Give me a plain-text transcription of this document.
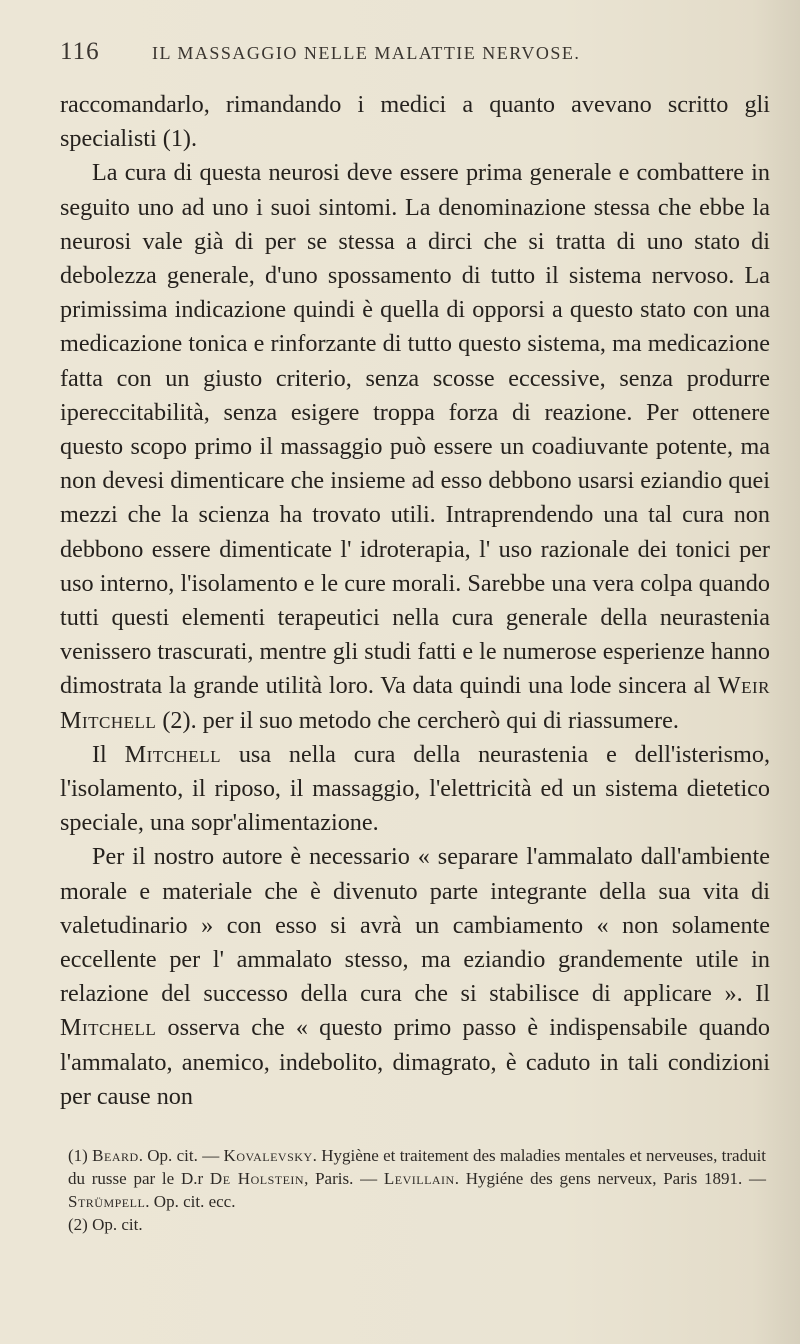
116	IL MASSAGGIO NELLE MALATTIE NERVOSE.

raccomandarlo, rimandando i medici a quanto avevano scritto gli specialisti (1).

La cura di questa neurosi deve essere prima generale e combattere in seguito uno ad uno i suoi sintomi. La denominazione stessa che ebbe la neurosi vale già di per se stessa a dirci che si tratta di uno stato di debolezza generale, d'uno spossamento di tutto il sistema nervoso. La primissima indicazione quindi è quella di opporsi a questo stato con una medicazione tonica e rinforzante di tutto questo sistema, ma medicazione fatta con un giusto criterio, senza scosse eccessive, senza produrre ipereccitabilità, senza esigere troppa forza di reazione. Per ottenere questo scopo primo il massaggio può essere un coadiuvante potente, ma non devesi dimenticare che insieme ad esso debbono usarsi eziandio quei mezzi che la scienza ha trovato utili. Intraprendendo una tal cura non debbono essere dimenticate l' idroterapia, l' uso razionale dei tonici per uso interno, l'isolamento e le cure morali. Sarebbe una vera colpa quando tutti questi elementi terapeutici nella cura generale della neurastenia venissero trascurati, mentre gli studi fatti e le numerose esperienze hanno dimostrata la grande utilità loro. Va data quindi una lode sincera al Weir Mitchell (2). per il suo metodo che cercherò qui di riassumere.

Il Mitchell usa nella cura della neurastenia e dell'isterismo, l'isolamento, il riposo, il massaggio, l'elettricità ed un sistema dietetico speciale, una sopr'alimentazione.

Per il nostro autore è necessario « separare l'ammalato dall'ambiente morale e materiale che è divenuto parte integrante della sua vita di valetudinario » con esso si avrà un cambiamento « non solamente eccellente per l' ammalato stesso, ma eziandio grandemente utile in relazione del successo della cura che si stabilisce di applicare ». Il Mitchell osserva che « questo primo passo è indispensabile quando l'ammalato, anemico, indebolito, dimagrato, è caduto in tali condizioni per cause non

(1) Beard. Op. cit. — Kovalevsky. Hygiène et traitement des maladies mentales et nerveuses, traduit du russe par le D.r De Holstein, Paris. — Levillain. Hygiéne des gens nerveux, Paris 1891. — Strümpell. Op. cit. ecc.

(2) Op. cit.
